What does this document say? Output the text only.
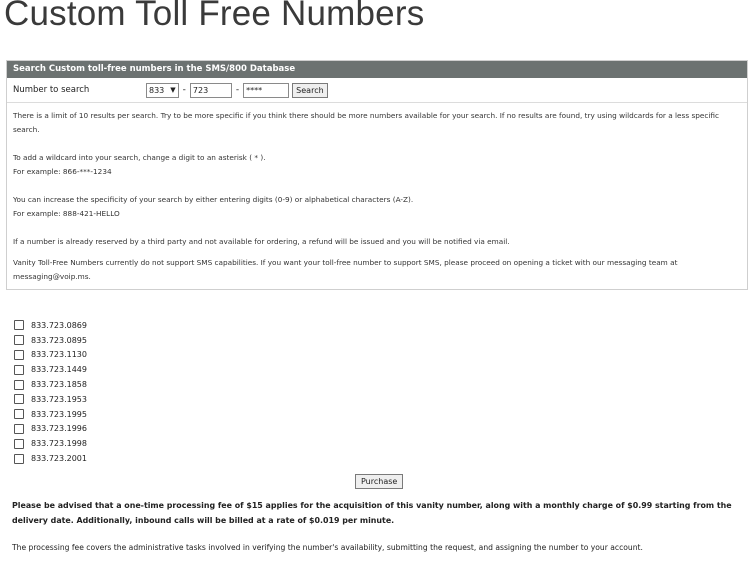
Custom Toll Free Numbers
Search Custom toll-free numbers in the SMS/800 Database
Number to search	833 ▼ - 723	- ****	Search

There is a limit of 10 results per search. Try to be more specific if you think there should be more numbers available for your search. If no results are found, try using wildcards for a less specific search.

To add a wildcard into your search, change a digit to an asterisk ( * ).

For example: 866-***-1234

You can increase the specificity of your search by either entering digits (0-9) or alphabetical characters (A-Z).

For example: 888-421-HELLO

If a number is already reserved by a third party and not available for ordering, a refund will be issued and you will be notified via email.

Vanity Toll-Free Numbers currently do not support SMS capabilities. If you want your toll-free number to support SMS, please proceed on opening a ticket with our messaging team at messaging@voip.ms.

833.723.0869
833.723.0895
833.723.1130
833.723.1449
833.723.1858
833.723.1953
833.723.1995
833.723.1996
833.723.1998
833.723.2001
Purchase
Please be advised that a one-time processing fee of $15 applies for the acquisition of this vanity number, along with a monthly charge of $0.99 starting from the delivery date. Additionally, inbound calls will be billed at a rate of $0.019 per minute.
The processing fee covers the administrative tasks involved in verifying the number's availability, submitting the request, and assigning the number to your account.
